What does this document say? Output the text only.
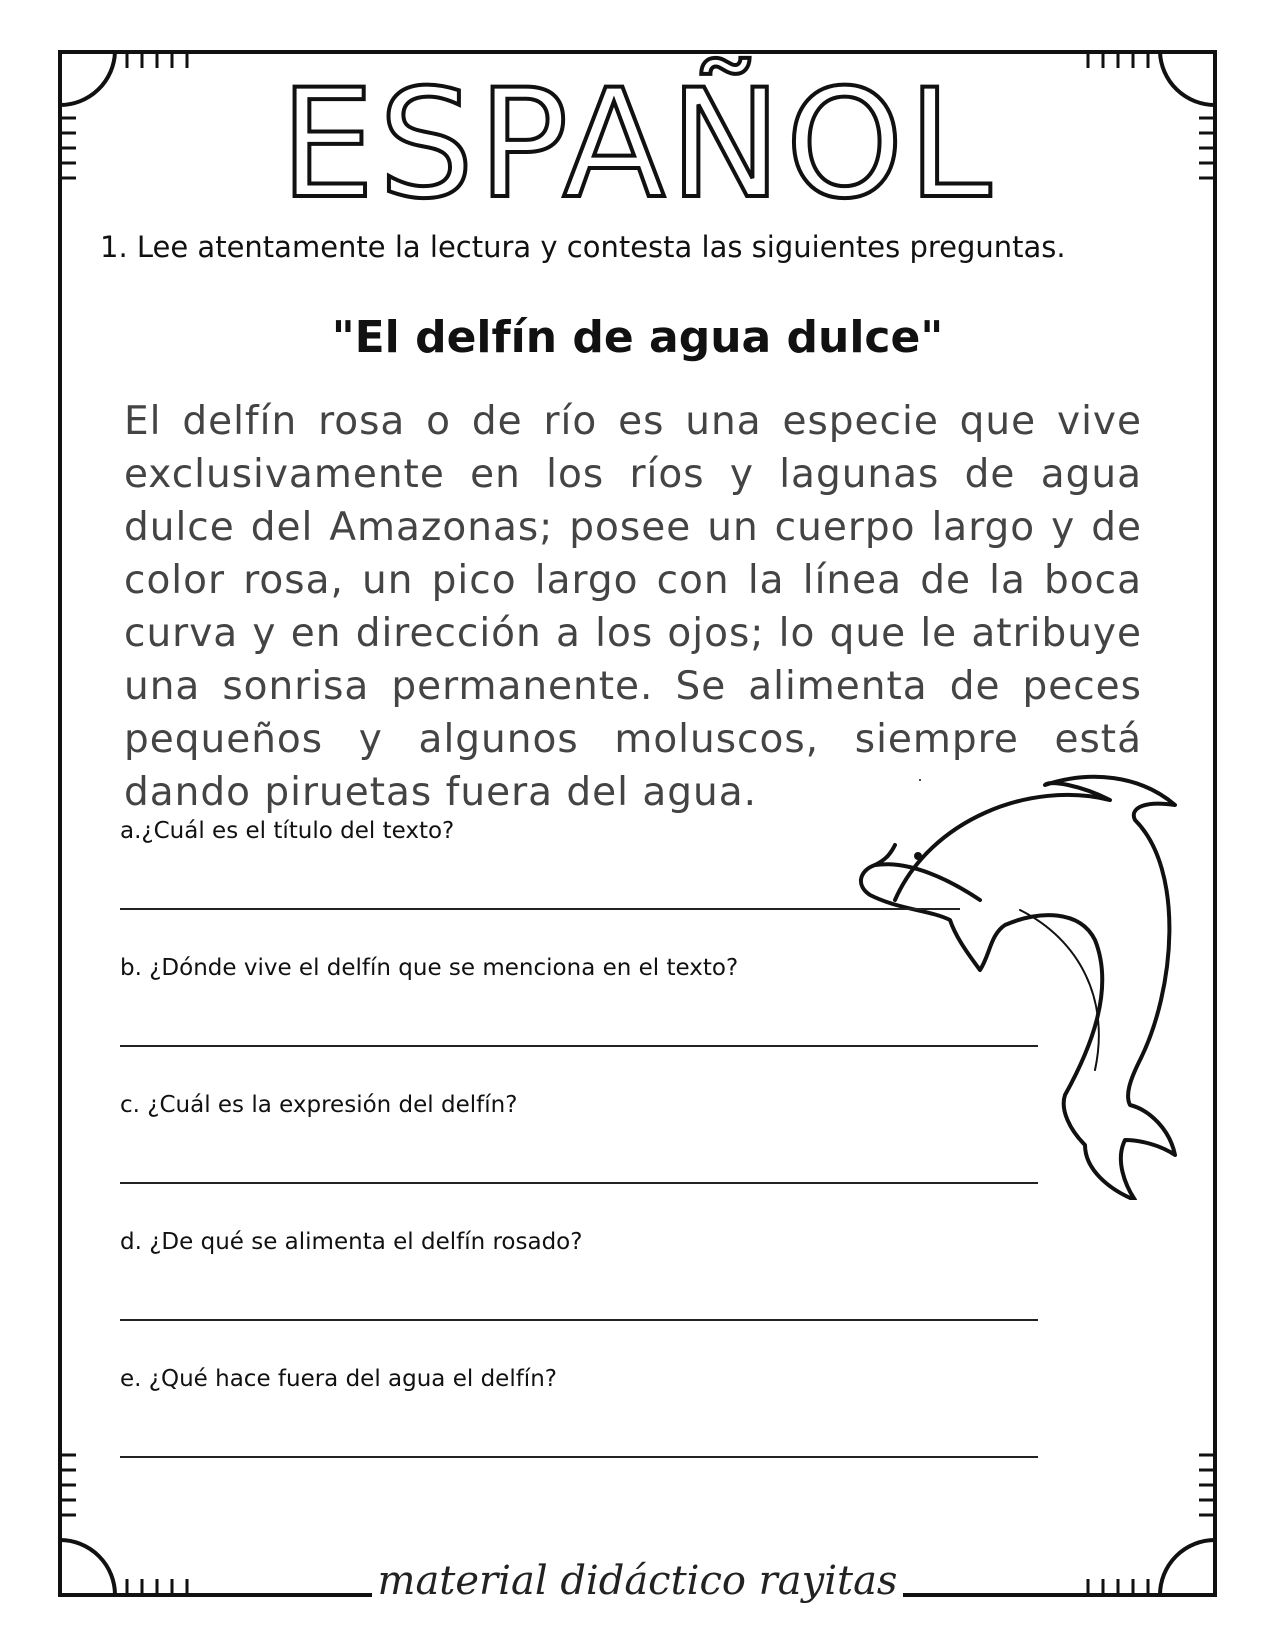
ESPAÑOL
1. Lee atentamente la lectura y contesta las siguientes preguntas.
"El delfín de agua dulce"
El delfín rosa o de río es una especie que vive exclusivamente en los ríos y lagunas de agua dulce del Amazonas; posee un cuerpo largo y de color rosa, un pico largo con la línea de la boca curva y en dirección a los ojos; lo que le atribuye una sonrisa permanente. Se alimenta de peces pequeños y algunos moluscos, siempre está dando piruetas fuera del agua.
a.¿Cuál es el título del texto?
b. ¿Dónde vive el delfín que se menciona en el texto?
c. ¿Cuál es la expresión del delfín?
d. ¿De qué se alimenta el delfín rosado?
e. ¿Qué hace fuera del agua el delfín?
material didáctico rayitas
